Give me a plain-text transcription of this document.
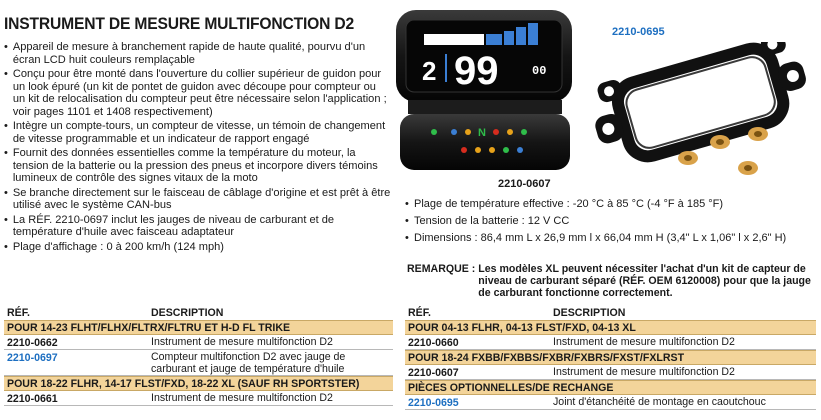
INSTRUMENT DE MESURE MULTIFONCTION D2
• Appareil de mesure à branchement rapide de haute qualité, pourvu d'un écran LCD huit couleurs remplaçable
• Conçu pour être monté dans l'ouverture du collier supérieur de guidon pour un look épuré (un kit de pontet de guidon avec découpe pour compteur ou un kit de relocalisation du compteur peut être nécessaire selon l'application ; voir pages 1101 et 1408 respectivement)
• Intègre un compte-tours, un compteur de vitesse, un témoin de changement de vitesse programmable et un indicateur de rapport engagé
• Fournit des données essentielles comme la température du moteur, la tension de la batterie ou la pression des pneus et incorpore divers témoins lumineux de contrôle des signes vitaux de la moto
• Se branche directement sur le faisceau de câblage d'origine et est prêt à être utilisé avec le système CAN-bus
• La RÉF. 2210-0697 inclut les jauges de niveau de carburant et de température d'huile avec faisceau adaptateur
• Plage d'affichage : 0 à 200 km/h (124 mph)
2 99	00
N
2210-0607
2210-0695
• Plage de température effective : -20 °C à 85 °C (-4 °F à 185 °F)
• Tension de la batterie : 12 V CC
• Dimensions : 86,4 mm L x 26,9 mm l x 66,04 mm H (3,4" L x 1,06" l x 2,6" H)
REMARQUE : Les modèles XL peuvent nécessiter l'achat d'un kit de capteur de niveau de carburant séparé (RÉF. OEM 6120008) pour que la jauge de carburant fonctionne correctement.
RÉF.	DESCRIPTION
POUR 14-23 FLHT/FLHX/FLTRX/FLTRU ET H-D FL TRIKE
2210-0662	Instrument de mesure multifonction D2
2210-0697	Compteur multifonction D2 avec jauge de carburant et jauge de température d'huile
POUR 18-22 FLHR, 14-17 FLST/FXD, 18-22 XL (SAUF RH SPORTSTER)
2210-0661	Instrument de mesure multifonction D2
RÉF.	DESCRIPTION
POUR 04-13 FLHR, 04-13 FLST/FXD, 04-13 XL
2210-0660	Instrument de mesure multifonction D2
POUR 18-24 FXBB/FXBBS/FXBR/FXBRS/FXST/FXLRST
2210-0607	Instrument de mesure multifonction D2
PIÈCES OPTIONNELLES/DE RECHANGE
2210-0695	Joint d'étanchéité de montage en caoutchouc
